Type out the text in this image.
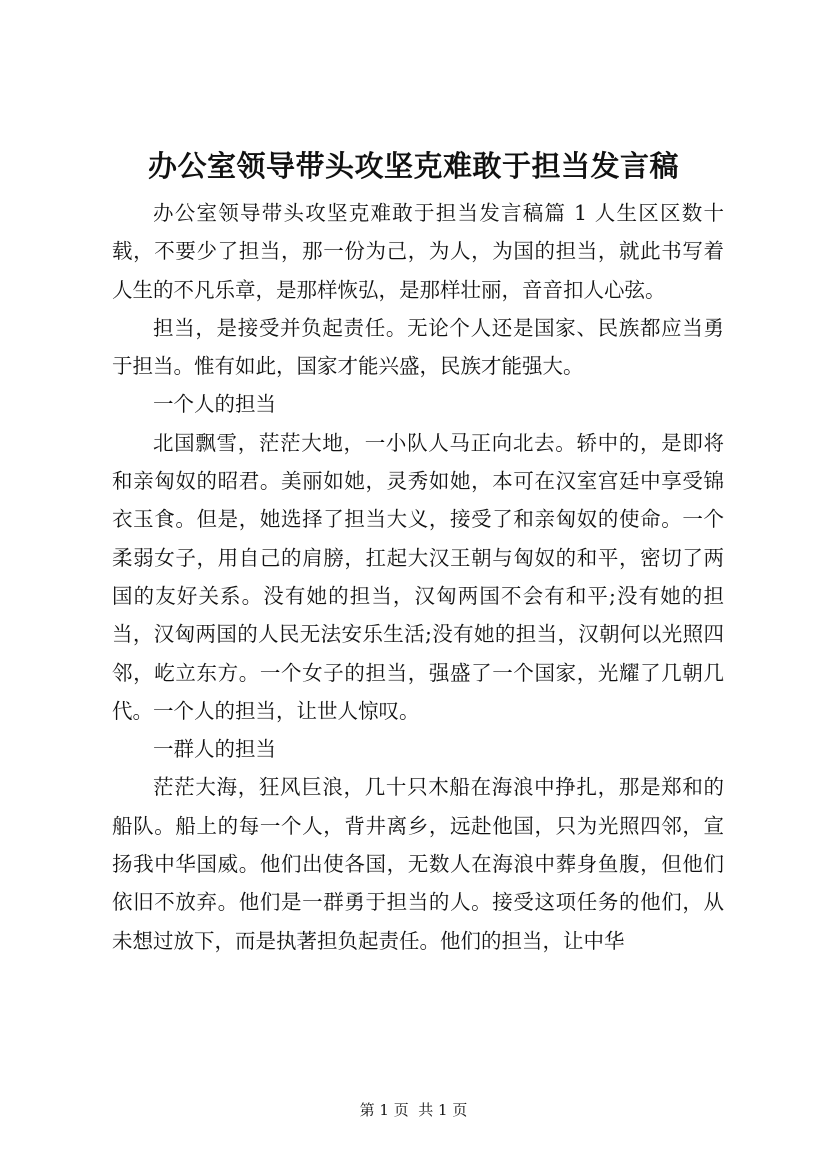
办公室领导带头攻坚克难敢于担当发言稿

办公室领导带头攻坚克难敢于担当发言稿篇 1 人生区区数十载，不要少了担当，那一份为己，为人，为国的担当，就此书写着人生的不凡乐章，是那样恢弘，是那样壮丽，音音扣人心弦。

担当，是接受并负起责任。无论个人还是国家、民族都应当勇于担当。惟有如此，国家才能兴盛，民族才能强大。

一个人的担当

北国飘雪，茫茫大地，一小队人马正向北去。轿中的，是即将和亲匈奴的昭君。美丽如她，灵秀如她，本可在汉室宫廷中享受锦衣玉食。但是，她选择了担当大义，接受了和亲匈奴的使命。一个柔弱女子，用自己的肩膀，扛起大汉王朝与匈奴的和平，密切了两国的友好关系。没有她的担当，汉匈两国不会有和平;没有她的担当，汉匈两国的人民无法安乐生活;没有她的担当，汉朝何以光照四邻，屹立东方。一个女子的担当，强盛了一个国家，光耀了几朝几代。一个人的担当，让世人惊叹。

一群人的担当

茫茫大海，狂风巨浪，几十只木船在海浪中挣扎，那是郑和的船队。船上的每一个人，背井离乡，远赴他国，只为光照四邻，宣扬我中华国威。他们出使各国，无数人在海浪中葬身鱼腹，但他们依旧不放弃。他们是一群勇于担当的人。接受这项任务的他们，从未想过放下，而是执著担负起责任。他们的担当，让中华

第 1 页  共 1 页
